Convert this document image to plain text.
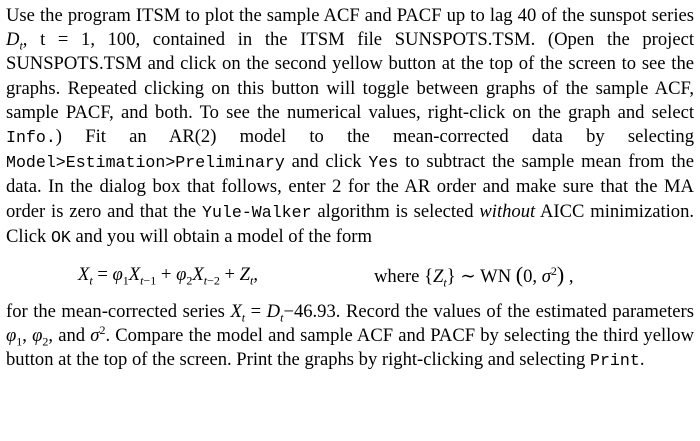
Use the program ITSM to plot the sample ACF and PACF up to lag 40 of the sunspot series $D_t$, t = 1, 100, contained in the ITSM file SUNSPOTS.TSM. (Open the project SUNSPOTS.TSM and click on the second yellow button at the top of the screen to see the graphs. Repeated clicking on this button will toggle between graphs of the sample ACF, sample PACF, and both. To see the numerical values, right-click on the graph and select Info.) Fit an AR(2) model to the mean-corrected data by selecting Model>Estimation>Preliminary and click Yes to subtract the sample mean from the data. In the dialog box that follows, enter 2 for the AR order and make sure that the MA order is zero and that the Yule-Walker algorithm is selected without AICC minimization. Click OK and you will obtain a model of the form

$X_t = \varphi_1X_{t-1} + \varphi_2X_{t-2} + Z_t$,	where $\{Z_t\}$ ∼ WN (0, $\sigma^2$) ,

for the mean-corrected series $X_t = D_t-46.93$. Record the values of the estimated parameters $\varphi_1$, $\varphi_2$, and $\sigma^2$. Compare the model and sample ACF and PACF by selecting the third yellow button at the top of the screen. Print the graphs by right-clicking and selecting Print.
